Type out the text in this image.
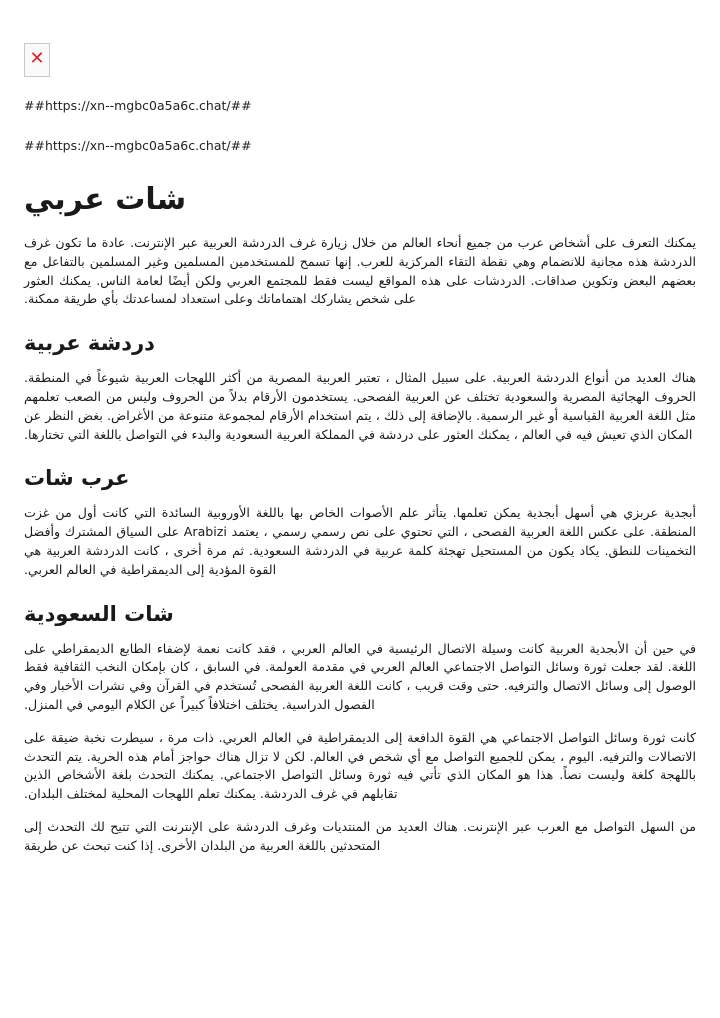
✕
##https://xn--mgbc0a5a6c.chat/##
##https://xn--mgbc0a5a6c.chat/##
شات عربي

يمكنك التعرف على أشخاص عرب من جميع أنحاء العالم من خلال زيارة غرف الدردشة العربية عبر الإنترنت. عادة ما تكون غرف الدردشة هذه مجانية للانضمام وهي نقطة التقاء المركزية للعرب. إنها تسمح للمستخدمين المسلمين وغير المسلمين بالتفاعل مع بعضهم البعض وتكوين صداقات. الدردشات على هذه المواقع ليست فقط للمجتمع العربي ولكن أيضًا لعامة الناس. يمكنك العثور على شخص يشاركك اهتماماتك وعلى استعداد لمساعدتك بأي طريقة ممكنة.

دردشة عربية

هناك العديد من أنواع الدردشة العربية. على سبيل المثال ، تعتبر العربية المصرية من أكثر اللهجات العربية شيوعاً في المنطقة. الحروف الهجائية المصرية والسعودية تختلف عن العربية الفصحى. يستخدمون الأرقام بدلاً من الحروف وليس من الصعب تعلمهم مثل اللغة العربية القياسية أو غير الرسمية. بالإضافة إلى ذلك ، يتم استخدام الأرقام لمجموعة متنوعة من الأغراض. بغض النظر عن المكان الذي تعيش فيه في العالم ، يمكنك العثور على دردشة في المملكة العربية السعودية والبدء في التواصل باللغة التي تختارها.

عرب شات

أبجدية عربزي هي أسهل أبجدية يمكن تعلمها. يتأثر علم الأصوات الخاص بها باللغة الأوروبية السائدة التي كانت أول من غزت المنطقة. على عكس اللغة العربية الفصحى ، التي تحتوي على نص رسمي رسمي ، يعتمد Arabizi على السياق المشترك وأفضل التخمينات للنطق. يكاد يكون من المستحيل تهجئة كلمة عربية في الدردشة السعودية. ثم مرة أخرى ، كانت الدردشة العربية هي القوة المؤدية إلى الديمقراطية في العالم العربي.

شات السعودية

في حين أن الأبجدية العربية كانت وسيلة الاتصال الرئيسية في العالم العربي ، فقد كانت نعمة لإضفاء الطابع الديمقراطي على اللغة. لقد جعلت ثورة وسائل التواصل الاجتماعي العالم العربي في مقدمة العولمة. في السابق ، كان بإمكان النخب الثقافية فقط الوصول إلى وسائل الاتصال والترفيه. حتى وقت قريب ، كانت اللغة العربية الفصحى تُستخدم في القرآن وفي نشرات الأخبار وفي الفصول الدراسية. يختلف اختلافاً كبيراً عن الكلام اليومي في المنزل.

كانت ثورة وسائل التواصل الاجتماعي هي القوة الدافعة إلى الديمقراطية في العالم العربي. ذات مرة ، سيطرت نخبة ضيقة على الاتصالات والترفيه. اليوم ، يمكن للجميع التواصل مع أي شخص في العالم. لكن لا تزال هناك حواجز أمام هذه الحرية. يتم التحدث باللهجة كلغة وليست نصاً. هذا هو المكان الذي تأتي فيه ثورة وسائل التواصل الاجتماعي. يمكنك التحدث بلغة الأشخاص الذين تقابلهم في غرف الدردشة. يمكنك تعلم اللهجات المحلية لمختلف البلدان.

من السهل التواصل مع العرب عبر الإنترنت. هناك العديد من المنتديات وغرف الدردشة على الإنترنت التي تتيح لك التحدث إلى المتحدثين باللغة العربية من البلدان الأخرى. إذا كنت تبحث عن طريقة
